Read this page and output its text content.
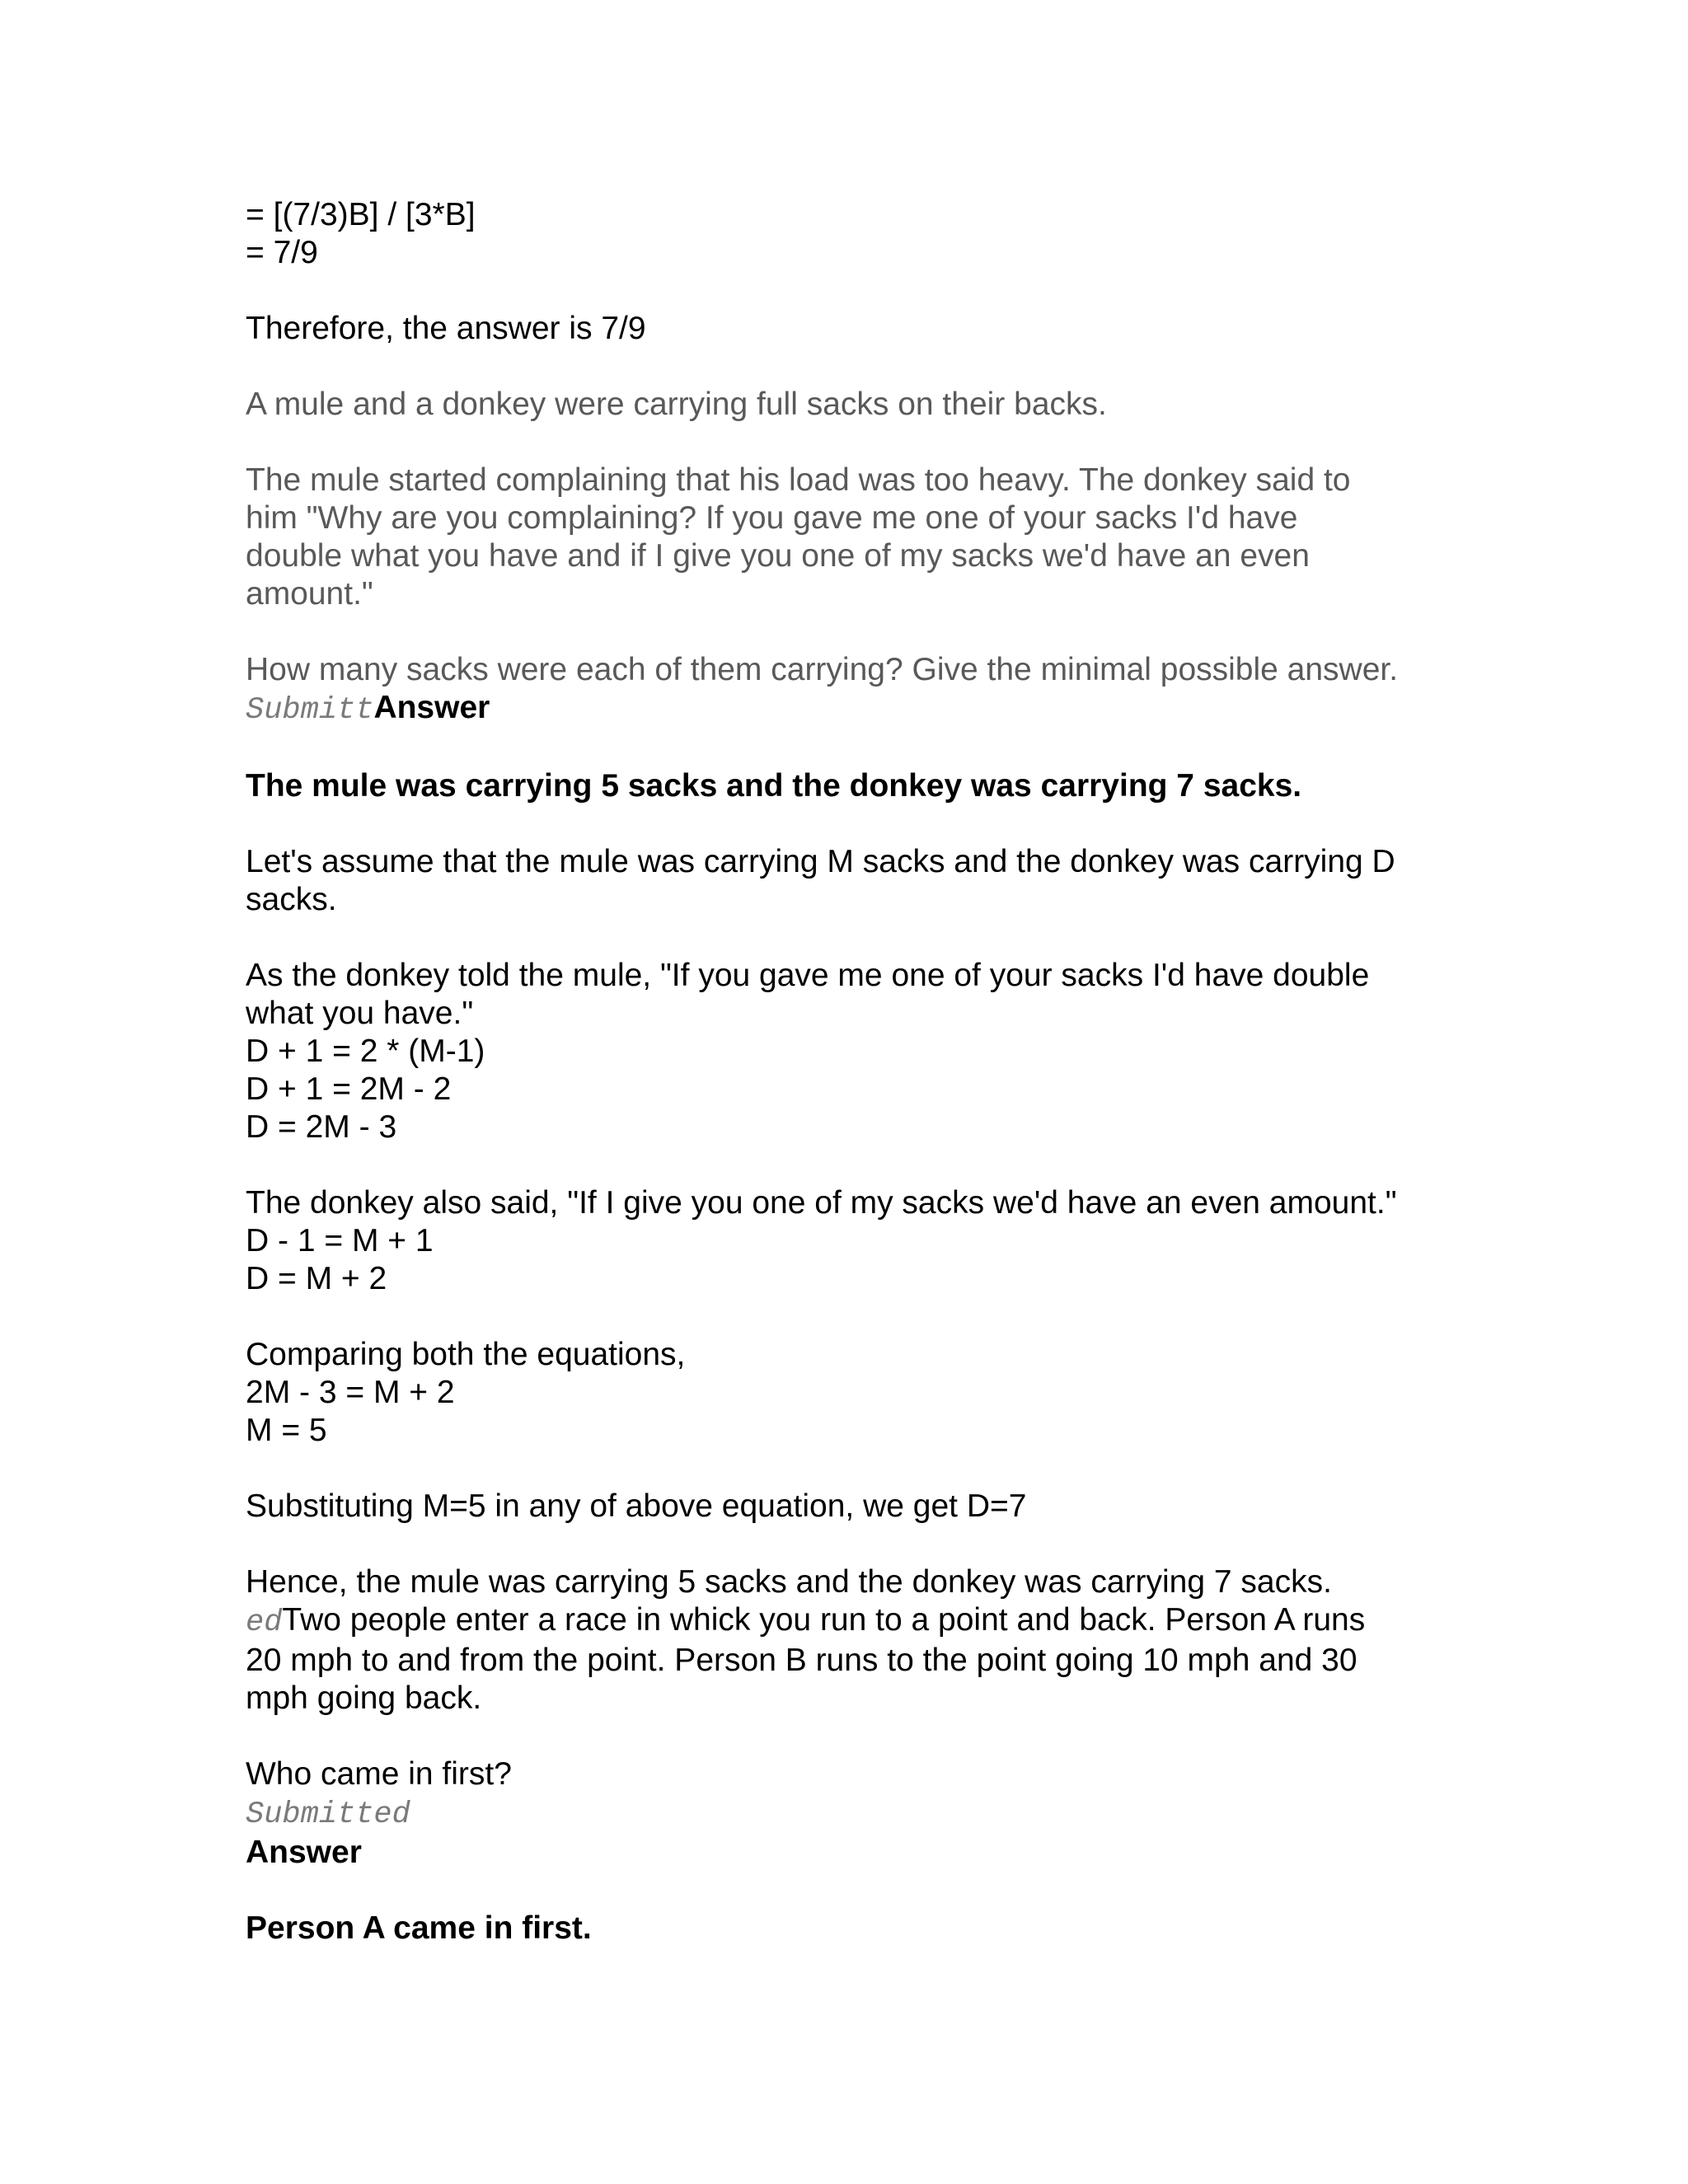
= [(7/3)B] / [3*B]
= 7/9
Therefore, the answer is 7/9
A mule and a donkey were carrying full sacks on their backs.
The mule started complaining that his load was too heavy. The donkey said to
him "Why are you complaining? If you gave me one of your sacks I'd have
double what you have and if I give you one of my sacks we'd have an even
amount."
How many sacks were each of them carrying? Give the minimal possible answer.
SubmittAnswer
The mule was carrying 5 sacks and the donkey was carrying 7 sacks.
Let's assume that the mule was carrying M sacks and the donkey was carrying D
sacks.
As the donkey told the mule, "If you gave me one of your sacks I'd have double
what you have."
D + 1 = 2 * (M-1)
D + 1 = 2M - 2
D = 2M - 3
The donkey also said, "If I give you one of my sacks we'd have an even amount."
D - 1 = M + 1
D = M + 2
Comparing both the equations,
2M - 3 = M + 2
M = 5
Substituting M=5 in any of above equation, we get D=7
Hence, the mule was carrying 5 sacks and the donkey was carrying 7 sacks.
edTwo people enter a race in whick you run to a point and back. Person A runs
20 mph to and from the point. Person B runs to the point going 10 mph and 30
mph going back.
Who came in first?
Submitted
Answer
Person A came in first.
